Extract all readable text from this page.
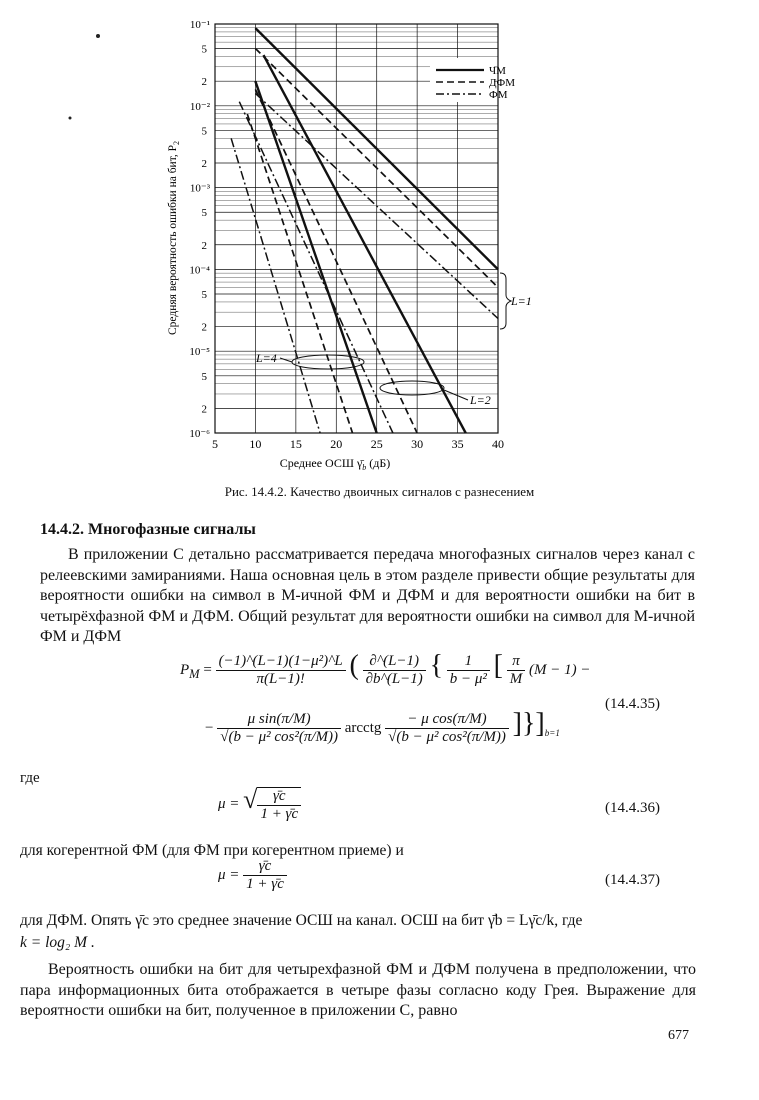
5	10 15 20 25 30 35 40
10⁻¹
10⁻²
10⁻³
10⁻⁴
10⁻⁵
10⁻⁶
5
2
5
2
5
2
5
2
5
2
Среднее ОСШ $\gammā_b$ (дБ)
Средняя вероятность ошибки на бит, $P_2$
ЧМ
ДФМ
ФМ
L=1
L=4
L=2
Рис. 14.4.2. Качество двоичных сигналов с разнесением
14.4.2. Многофазные сигналы
В приложении С детально рассматривается передача многофазных сигналов через канал с релеевскими замираниями. Наша основная цель в этом разделе привести общие результаты для вероятности ошибки на символ в M-ичной ФМ и ДФМ и для вероятности ошибки на бит в четырёхфазной ФМ и ДФМ. Общий результат для вероятности ошибки на символ для M-ичной ФМ и ДФМ
$P_M = \frac{\text{(−1)\textasciicircum{}(L−1)(1−μ²)\textasciicircum{}L}}{\pi(L-1)!}$ ( $\frac{\partial\^{}(L-1)}{\partial b\^{}(L-1)}$ { $\frac{1}{\text{b − μ²}}$ [ $\frac{\pi}{M} (M - 1)$ −
− $\frac{\text{μ sin(π/M)}}{\text{√(b − μ² cos²(π/M))}}$ arcctg $\frac{\text{− μ cos(π/M)}}{\text{√(b − μ² cos²(π/M))}} ]\}]_{b=1}$
(14.4.35)
где
μ = √ $\frac{\gammāc}{1 + \gammāc}$	(14.4.36)
для когерентной ФМ (для ФМ при когерентном приеме) и
$\mu = \frac{\gammāc}{1 + \gammāc}$	(14.4.37)
для ДФМ. Опять γ̄c это среднее значение ОСШ на канал. ОСШ на бит γ̄b = Lγ̄c/k, где
k = log₂ M .
Вероятность ошибки на бит для четырехфазной ФМ и ДФМ получена в предположении, что пара информационных бита отображается в четыре фазы согласно коду Грея. Выражение для вероятности ошибки на бит, полученное в приложении С, равно
677
